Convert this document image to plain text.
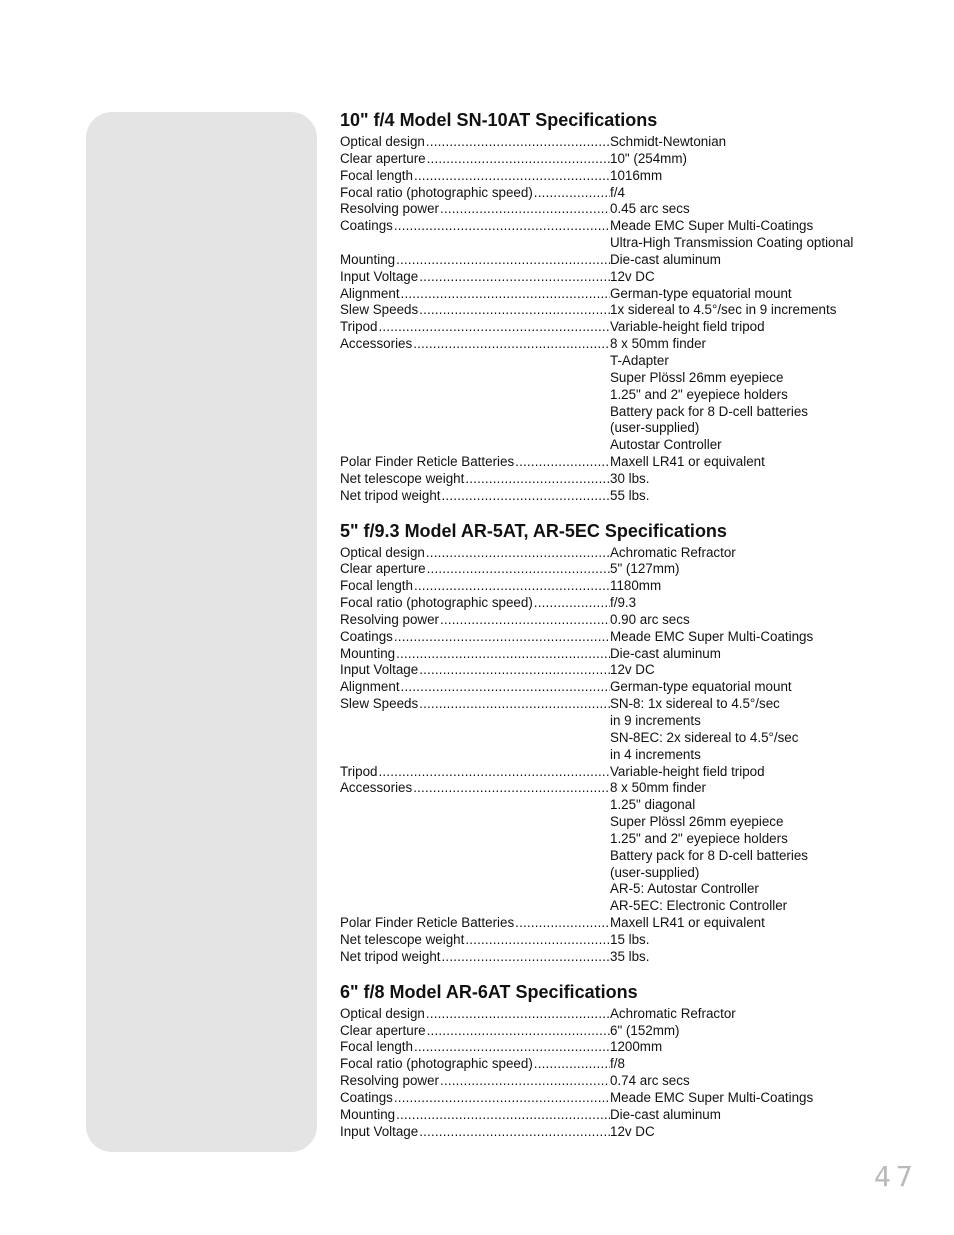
10" f/4 Model SN-10AT Specifications
Optical design .....	Schmidt-Newtonian
Clear aperture .....	10" (254mm)
Focal length .....	1016mm
Focal ratio (photographic speed) .....	f/4
Resolving power .....	0.45 arc secs
Coatings .....	Meade EMC Super Multi-Coatings
Ultra-High Transmission Coating optional
Mounting .....	Die-cast aluminum
Input Voltage .....	12v DC
Alignment .....	German-type equatorial mount
Slew Speeds .....	1x sidereal to 4.5°/sec in 9 increments
Tripod .....	Variable-height field tripod
Accessories .....	8 x 50mm finder
T-Adapter
Super Plössl 26mm eyepiece
1.25" and 2" eyepiece holders
Battery pack for 8 D-cell batteries
(user-supplied)
Autostar Controller
Polar Finder Reticle Batteries .....	Maxell LR41 or equivalent
Net telescope weight .....	30 lbs.
Net tripod weight .....	55 lbs.
5" f/9.3 Model AR-5AT, AR-5EC Specifications
Optical design .....	Achromatic Refractor
Clear aperture .....	5" (127mm)
Focal length .....	1180mm
Focal ratio (photographic speed) .....	f/9.3
Resolving power .....	0.90 arc secs
Coatings .....	Meade EMC Super Multi-Coatings
Mounting .....	Die-cast aluminum
Input Voltage .....	12v DC
Alignment .....	German-type equatorial mount
Slew Speeds .....	SN-8: 1x sidereal to 4.5°/sec
in 9 increments
SN-8EC: 2x sidereal to 4.5°/sec
in 4 increments
Tripod .....	Variable-height field tripod
Accessories .....	8 x 50mm finder
1.25" diagonal
Super Plössl 26mm eyepiece
1.25" and 2" eyepiece holders
Battery pack for 8 D-cell batteries
(user-supplied)
AR-5: Autostar Controller
AR-5EC: Electronic Controller
Polar Finder Reticle Batteries .....	Maxell LR41 or equivalent
Net telescope weight .....	15 lbs.
Net tripod weight .....	35 lbs.
6" f/8 Model AR-6AT Specifications
Optical design .....	Achromatic Refractor
Clear aperture .....	6" (152mm)
Focal length .....	1200mm
Focal ratio (photographic speed) .....	f/8
Resolving power .....	0.74 arc secs
Coatings .....	Meade EMC Super Multi-Coatings
Mounting .....	Die-cast aluminum
Input Voltage .....	12v DC
47
